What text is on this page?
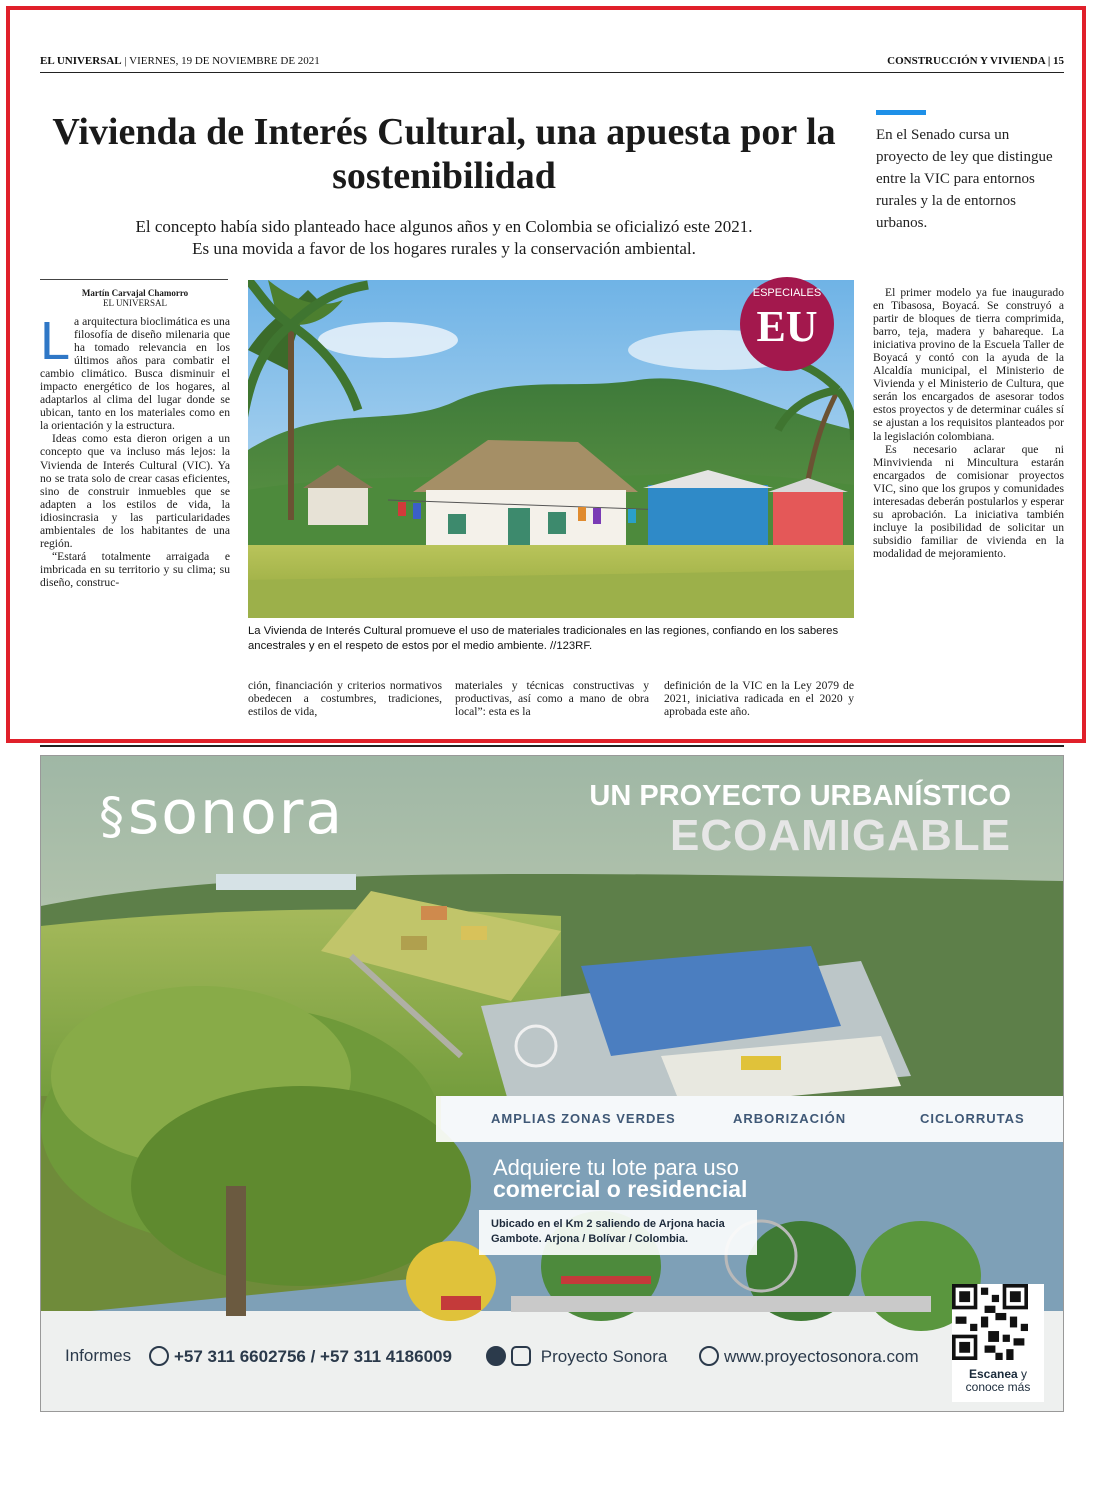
EL UNIVERSAL | VIERNES, 19 DE NOVIEMBRE DE 2021	CONSTRUCCIÓN Y VIVIENDA | 15
Vivienda de Interés Cultural, una apuesta por la sostenibilidad
El concepto había sido planteado hace algunos años y en Colombia se oficializó este 2021.
Es una movida a favor de los hogares rurales y la conservación ambiental.
En el Senado cursa un proyecto de ley que distingue entre la VIC para entornos rurales y la de entornos urbanos.
Martín Carvajal Chamorro
EL UNIVERSAL

La arquitectura bioclimática es una filosofía de diseño milenaria que ha tomado relevancia en los últimos años para combatir el cambio climático. Busca disminuir el impacto energético de los hogares, al adaptarlos al clima del lugar donde se ubican, tanto en los materiales como en la orientación y la estructura.

Ideas como esta dieron origen a un concepto que va incluso más lejos: la Vivienda de Interés Cultural (VIC). Ya no se trata solo de crear casas eficientes, sino de construir inmuebles que se adapten a los estilos de vida, la idiosincrasia y las particularidades ambientales de los habitantes de una región.

“Estará totalmente arraigada e imbricada en su territorio y su clima; su diseño, construc-

ESPECIALES
EU
La Vivienda de Interés Cultural promueve el uso de materiales tradicionales en las regiones, confiando en los saberes ancestrales y en el respeto de estos por el medio ambiente. //123RF.

ción, financiación y criterios normativos obedecen a costumbres, tradiciones, estilos de vida,

materiales y técnicas constructivas y productivas, así como a mano de obra local”: esta es la

definición de la VIC en la Ley 2079 de 2021, iniciativa radicada en el 2020 y aprobada este año.

El primer modelo ya fue inaugurado en Tibasosa, Boyacá. Se construyó a partir de bloques de tierra comprimida, barro, teja, madera y bahareque. La iniciativa provino de la Escuela Taller de Boyacá y contó con la ayuda de la Alcaldía municipal, el Ministerio de Vivienda y el Ministerio de Cultura, que serán los encargados de asesorar todos estos proyectos y de determinar cuáles sí se ajustan a los requisitos planteados por la legislación colombiana.

Es necesario aclarar que ni Minvivienda ni Mincultura estarán encargados de comisionar proyectos VIC, sino que los grupos y comunidades interesadas deberán postularlos y esperar su aprobación. La iniciativa también incluye la posibilidad de solicitar un subsidio familiar de vivienda en la modalidad de mejoramiento.

§sonora	UN PROYECTO URBANÍSTICO
ECOAMIGABLE
AMPLIAS ZONAS VERDES	ARBORIZACIÓN	CICLORRUTAS
Adquiere tu lote para uso
comercial o residencial
Ubicado en el Km 2 saliendo de Arjona hacia Gambote. Arjona / Bolívar / Colombia.
Escanea y
conoce más
Informes	+57 311 6602756 / +57 311 4186009	Proyecto Sonora	www.proyectosonora.com
